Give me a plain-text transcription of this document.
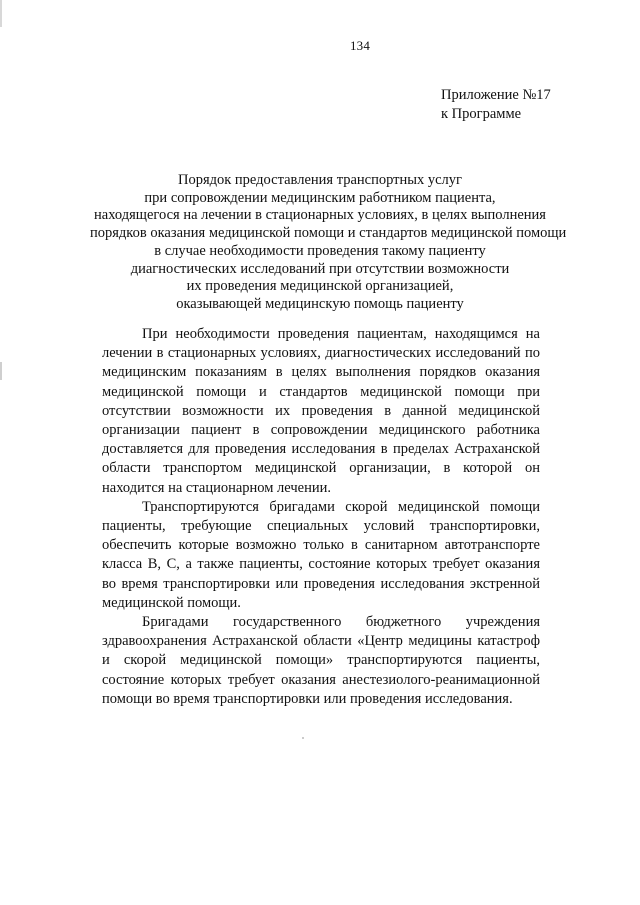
134
Приложение №17
к Программе
Порядок предоставления транспортных услуг
при сопровождении медицинским работником пациента,
находящегося на лечении в стационарных условиях, в целях выполнения
порядков оказания медицинской помощи и стандартов медицинской помощи
в случае необходимости проведения такому пациенту
диагностических исследований при отсутствии возможности
их проведения медицинской организацией,
оказывающей медицинскую помощь пациенту

При необходимости проведения пациентам, находящимся на лечении в стационарных условиях, диагностических исследований по медицинским показаниям в целях выполнения порядков оказания медицинской помощи и стандартов медицинской помощи при отсутствии возможности их проведения в данной медицинской организации пациент в сопровождении медицинского работника доставляется для проведения исследования в пределах Астраханской области транспортом медицинской организации, в которой он находится на стационарном лечении.

Транспортируются бригадами скорой медицинской помощи пациенты, требующие специальных условий транспортировки, обеспечить которые возможно только в санитарном автотранспорте класса В, С, а также пациенты, состояние которых требует оказания во время транспортировки или проведения исследования экстренной медицинской помощи.

Бригадами государственного бюджетного учреждения здравоохранения Астраханской области «Центр медицины катастроф и скорой медицинской помощи» транспортируются пациенты, состояние которых требует оказания анестезиолого-реанимационной помощи во время транспортировки или проведения исследования.
